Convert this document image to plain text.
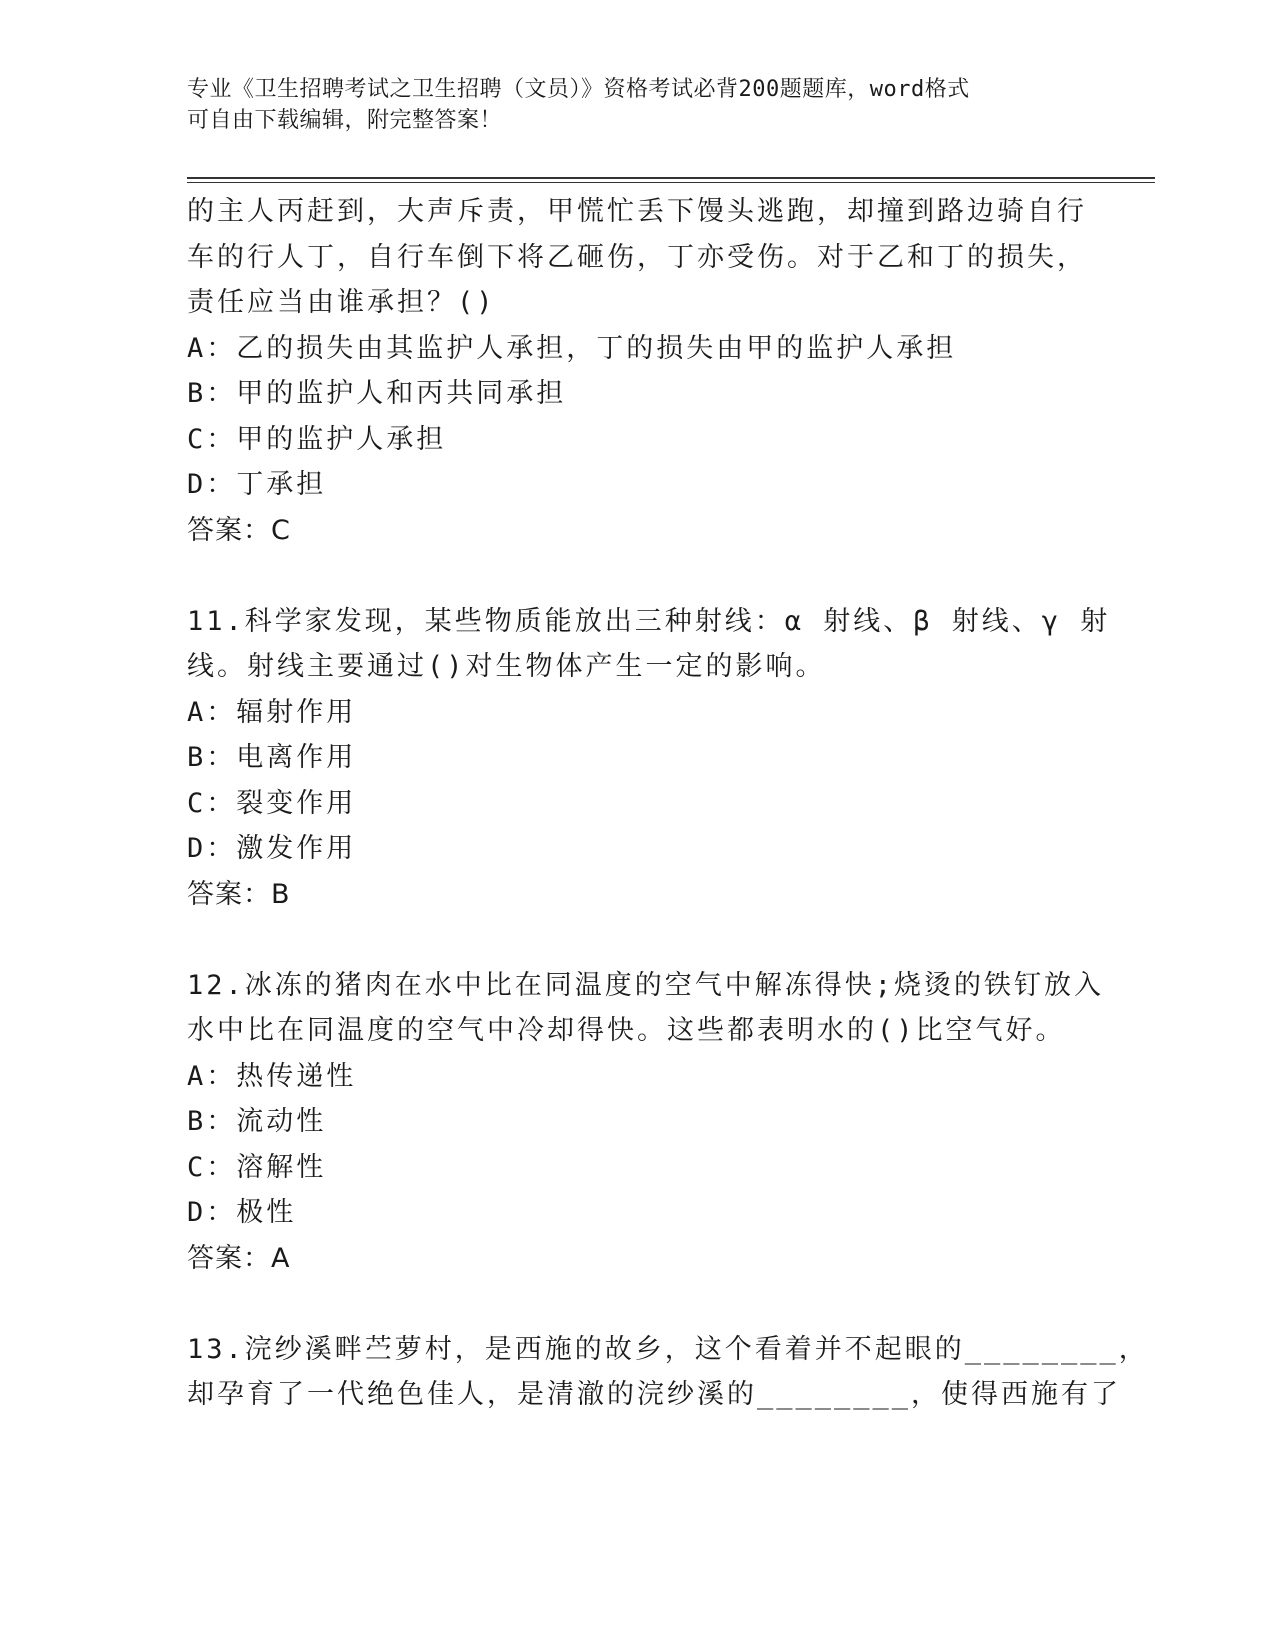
专业《卫生招聘考试之卫生招聘（文员）》资格考试必背200题题库，word格式
可自由下载编辑，附完整答案！
的主人丙赶到，大声斥责，甲慌忙丢下馒头逃跑，却撞到路边骑自行
车的行人丁，自行车倒下将乙砸伤，丁亦受伤。对于乙和丁的损失，
责任应当由谁承担？()
A：乙的损失由其监护人承担，丁的损失由甲的监护人承担
B：甲的监护人和丙共同承担
C：甲的监护人承担
D：丁承担
答案：C
11.科学家发现，某些物质能放出三种射线：α 射线、β 射线、γ 射
线。射线主要通过()对生物体产生一定的影响。
A：辐射作用
B：电离作用
C：裂变作用
D：激发作用
答案：B
12.冰冻的猪肉在水中比在同温度的空气中解冻得快;烧烫的铁钉放入
水中比在同温度的空气中冷却得快。这些都表明水的()比空气好。
A：热传递性
B：流动性
C：溶解性
D：极性
答案：A
13.浣纱溪畔苎萝村，是西施的故乡，这个看着并不起眼的________，
却孕育了一代绝色佳人，是清澈的浣纱溪的________，使得西施有了
